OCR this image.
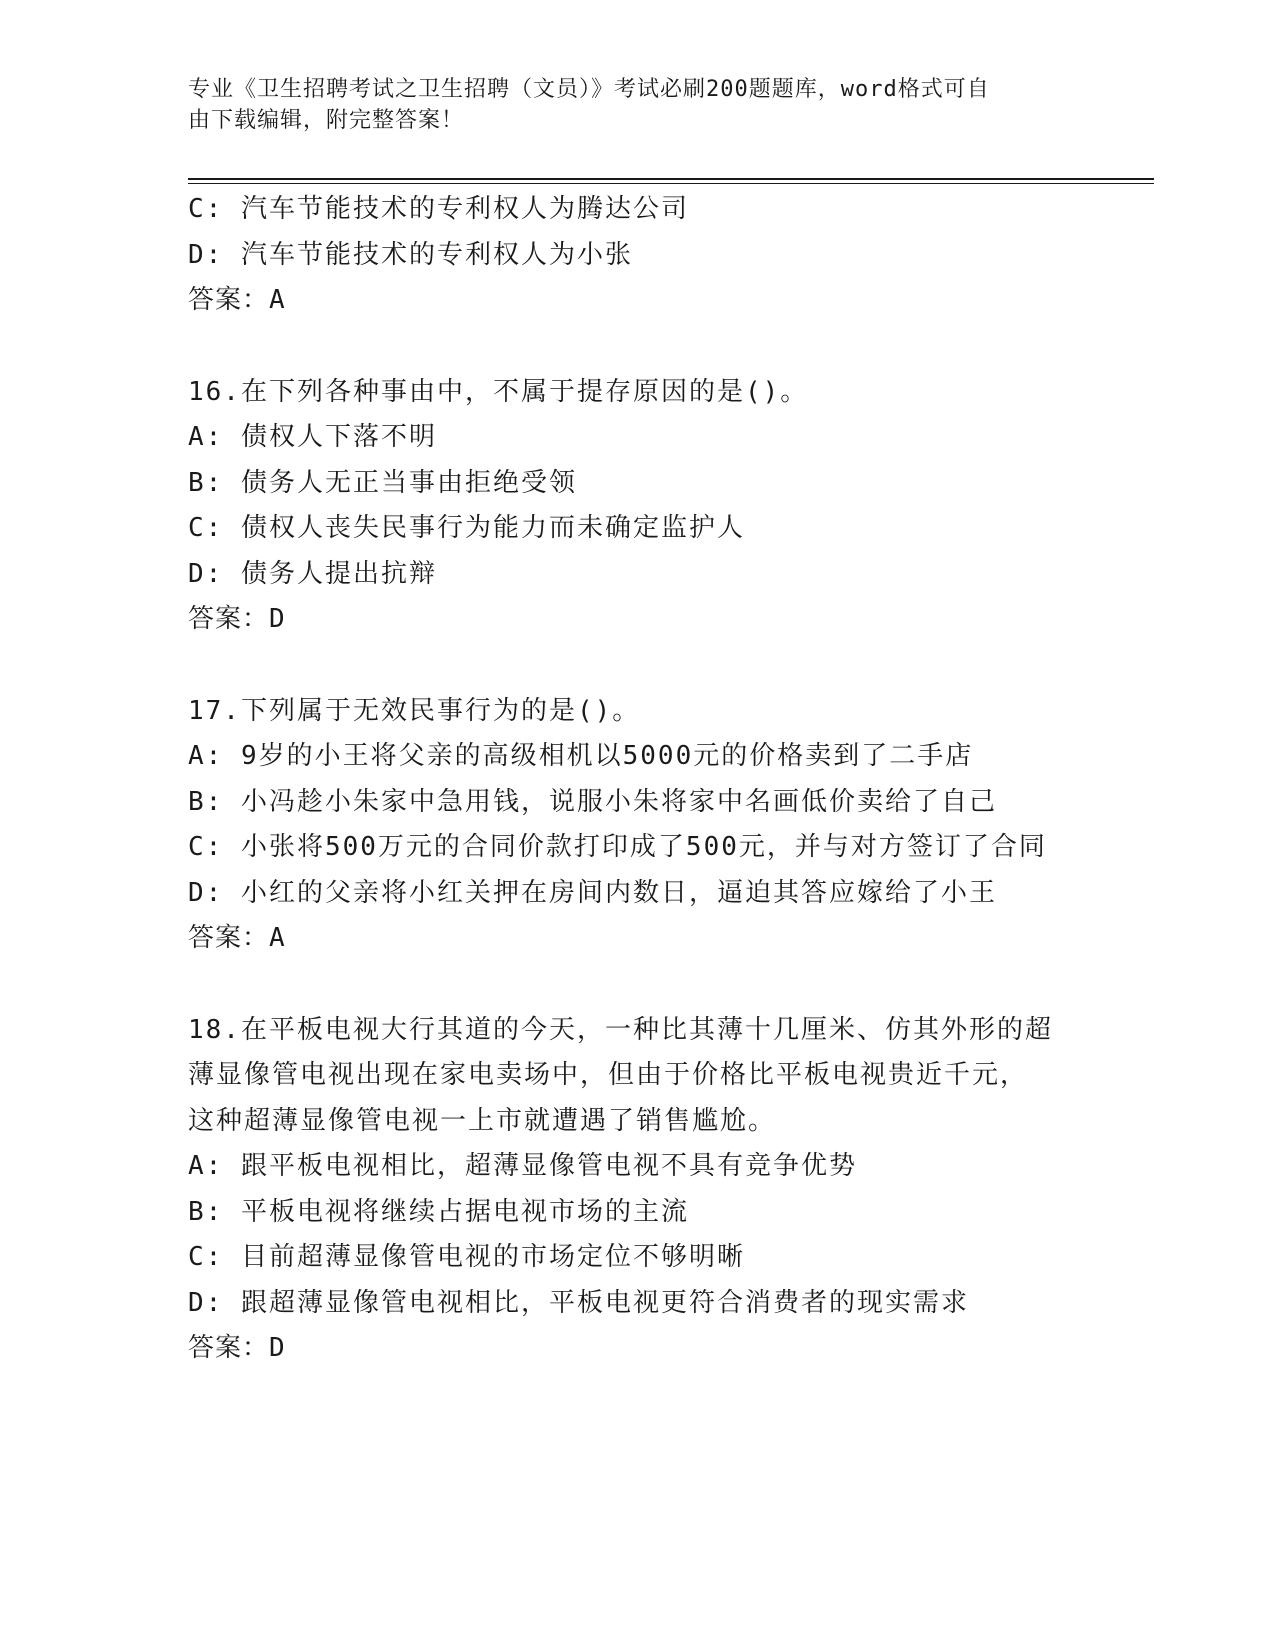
专业《卫生招聘考试之卫生招聘（文员）》考试必刷200题题库，word格式可自
由下载编辑，附完整答案！
C: 汽车节能技术的专利权人为腾达公司
D: 汽车节能技术的专利权人为小张
答案：A
16.在下列各种事由中，不属于提存原因的是()。
A: 债权人下落不明
B: 债务人无正当事由拒绝受领
C: 债权人丧失民事行为能力而未确定监护人
D: 债务人提出抗辩
答案：D
17.下列属于无效民事行为的是()。
A: 9岁的小王将父亲的高级相机以5000元的价格卖到了二手店
B: 小冯趁小朱家中急用钱，说服小朱将家中名画低价卖给了自己
C: 小张将500万元的合同价款打印成了500元，并与对方签订了合同
D: 小红的父亲将小红关押在房间内数日，逼迫其答应嫁给了小王
答案：A
18.在平板电视大行其道的今天，一种比其薄十几厘米、仿其外形的超
薄显像管电视出现在家电卖场中，但由于价格比平板电视贵近千元，
这种超薄显像管电视一上市就遭遇了销售尴尬。
A: 跟平板电视相比，超薄显像管电视不具有竞争优势
B: 平板电视将继续占据电视市场的主流
C: 目前超薄显像管电视的市场定位不够明晰
D: 跟超薄显像管电视相比，平板电视更符合消费者的现实需求
答案：D
